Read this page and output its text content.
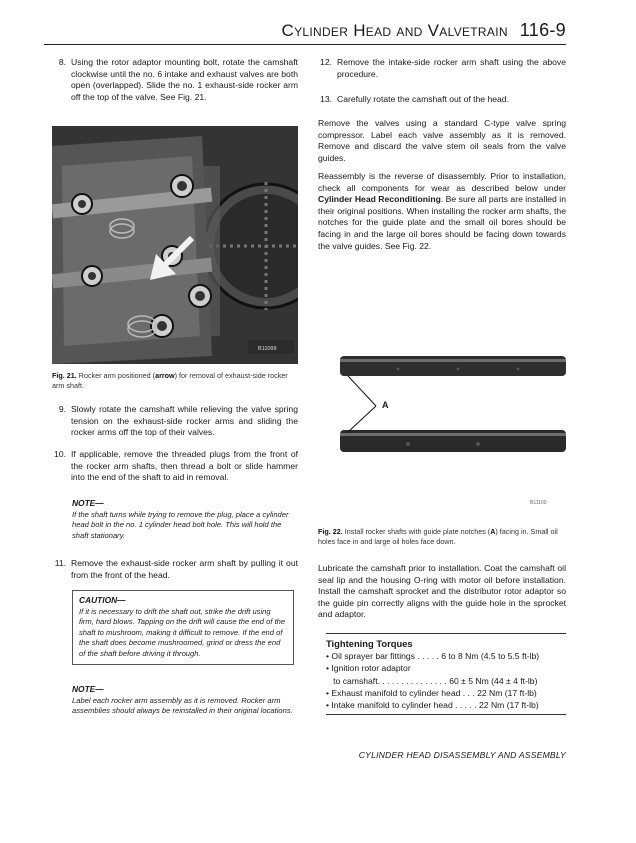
Cylinder Head and Valvetrain 116-9
8. Using the rotor adaptor mounting bolt, rotate the camshaft clockwise until the no. 6 intake and exhaust valves are both open (overlapped). Slide the no. 1 exhaust-side rocker arm off the top of the valve. See Fig. 21.
B11099
Fig. 21. Rocker arm positioned (arrow) for removal of exhaust-side rocker arm shaft.
9. Slowly rotate the camshaft while relieving the valve spring tension on the exhaust-side rocker arms and sliding the rocker arms off the top of their valves.
10. If applicable, remove the threaded plugs from the front of the rocker arm shafts, then thread a bolt or slide hammer into the end of the shaft to aid in removal.
NOTE—
If the shaft turns while trying to remove the plug, place a cylinder head bolt in the no. 1 cylinder head bolt hole. This will hold the shaft stationary.
11. Remove the exhaust-side rocker arm shaft by pulling it out from the front of the head.
CAUTION—
If it is necessary to drift the shaft out, strike the drift using firm, hard blows. Tapping on the drift will cause the end of the shaft to mushroom, making it difficult to remove. If the end of the shaft does become mushroomed, grind or dress the end of the shaft before driving it through.
NOTE—
Label each rocker arm assembly as it is removed. Rocker arm assemblies should always be reinstalled in their original locations.
12. Remove the intake-side rocker arm shaft using the above procedure.
13. Carefully rotate the camshaft out of the head.

Remove the valves using a standard C-type valve spring compressor. Label each valve assembly as it is removed. Remove and discard the valve stem oil seals from the valve guides.

Reassembly is the reverse of disassembly. Prior to installation, check all components for wear as described below under Cylinder Head Reconditioning. Be sure all parts are installed in their original positions. When installing the rocker arm shafts, the notches for the guide plate and the small oil bores should be facing in and the large oil bores should be facing down towards the valve guides. See Fig. 22.

A
B11100
Fig. 22. Install rocker shafts with guide plate notches (A) facing in. Small oil holes face in and large oil holes face down.

Lubricate the camshaft prior to installation. Coat the camshaft oil seal lip and the housing O-ring with motor oil before installation. Install the camshaft sprocket and the distributor rotor adaptor so the guide pin correctly aligns with the guide hole in the sprocket and adaptor.

Tightening Torques
• Oil sprayer bar fittings . . . . . 6 to 8 Nm (4.5 to 5.5 ft-lb)
• Ignition rotor adaptor
to camshaft. . . . . . . . . . . . . . . 60 ± 5 Nm (44 ± 4 ft-lb)
• Exhaust manifold to cylinder head . . . 22 Nm (17 ft-lb)
• Intake manifold to cylinder head . . . . . 22 Nm (17 ft-lb)
CYLINDER HEAD DISASSEMBLY AND ASSEMBLY
